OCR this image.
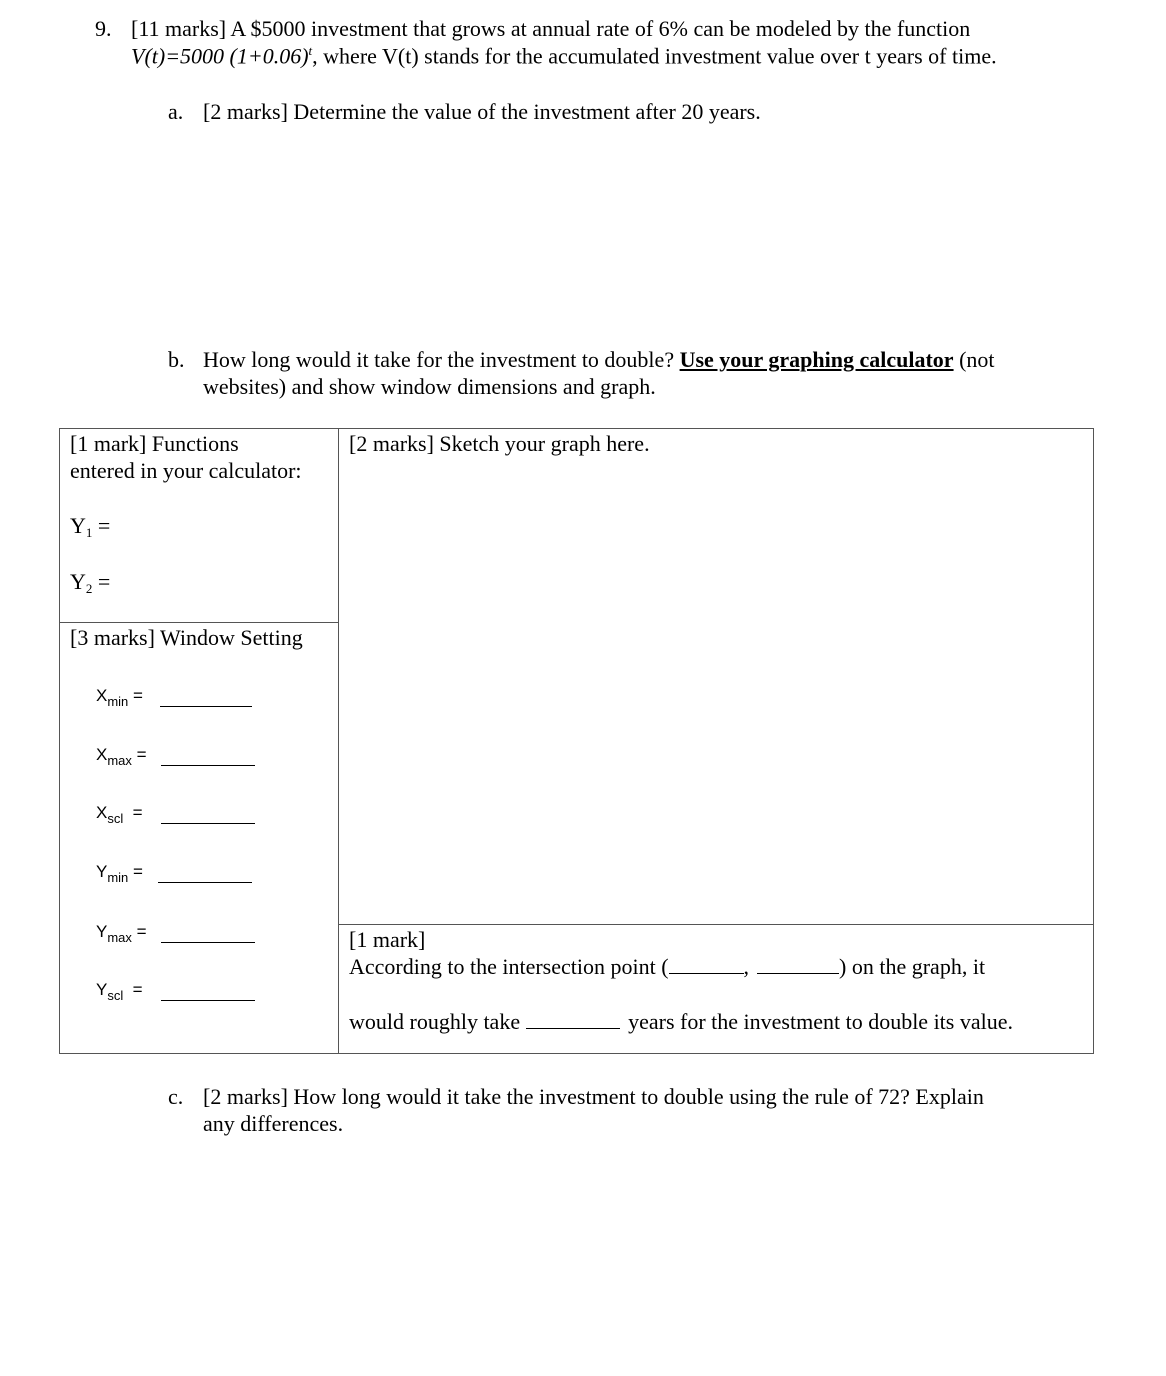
9. [11 marks] A $5000 investment that grows at annual rate of 6% can be modeled by the function
V(t)=5000 $(1+0.06)^t$, where V(t) stands for the accumulated investment value over t years of time.
a. [2 marks] Determine the value of the investment after 20 years.
b. How long would it take for the investment to double? Use your graphing calculator (not
websites) and show window dimensions and graph.
[1 mark] Functions
entered in your calculator:
$Y_1$ =
$Y_2$ =
[3 marks] Window Setting
$X_{min}$ =
$X_{max}$ =
$X_{scl}$  =
$Y_{min}$ =
$Y_{max}$ =
$Y_{scl}$  =
[2 marks] Sketch your graph here.
[1 mark]
According to the intersection point (	,	) on the graph, it
would roughly take	years for the investment to double its value.
c. [2 marks] How long would it take the investment to double using the rule of 72? Explain
any differences.
